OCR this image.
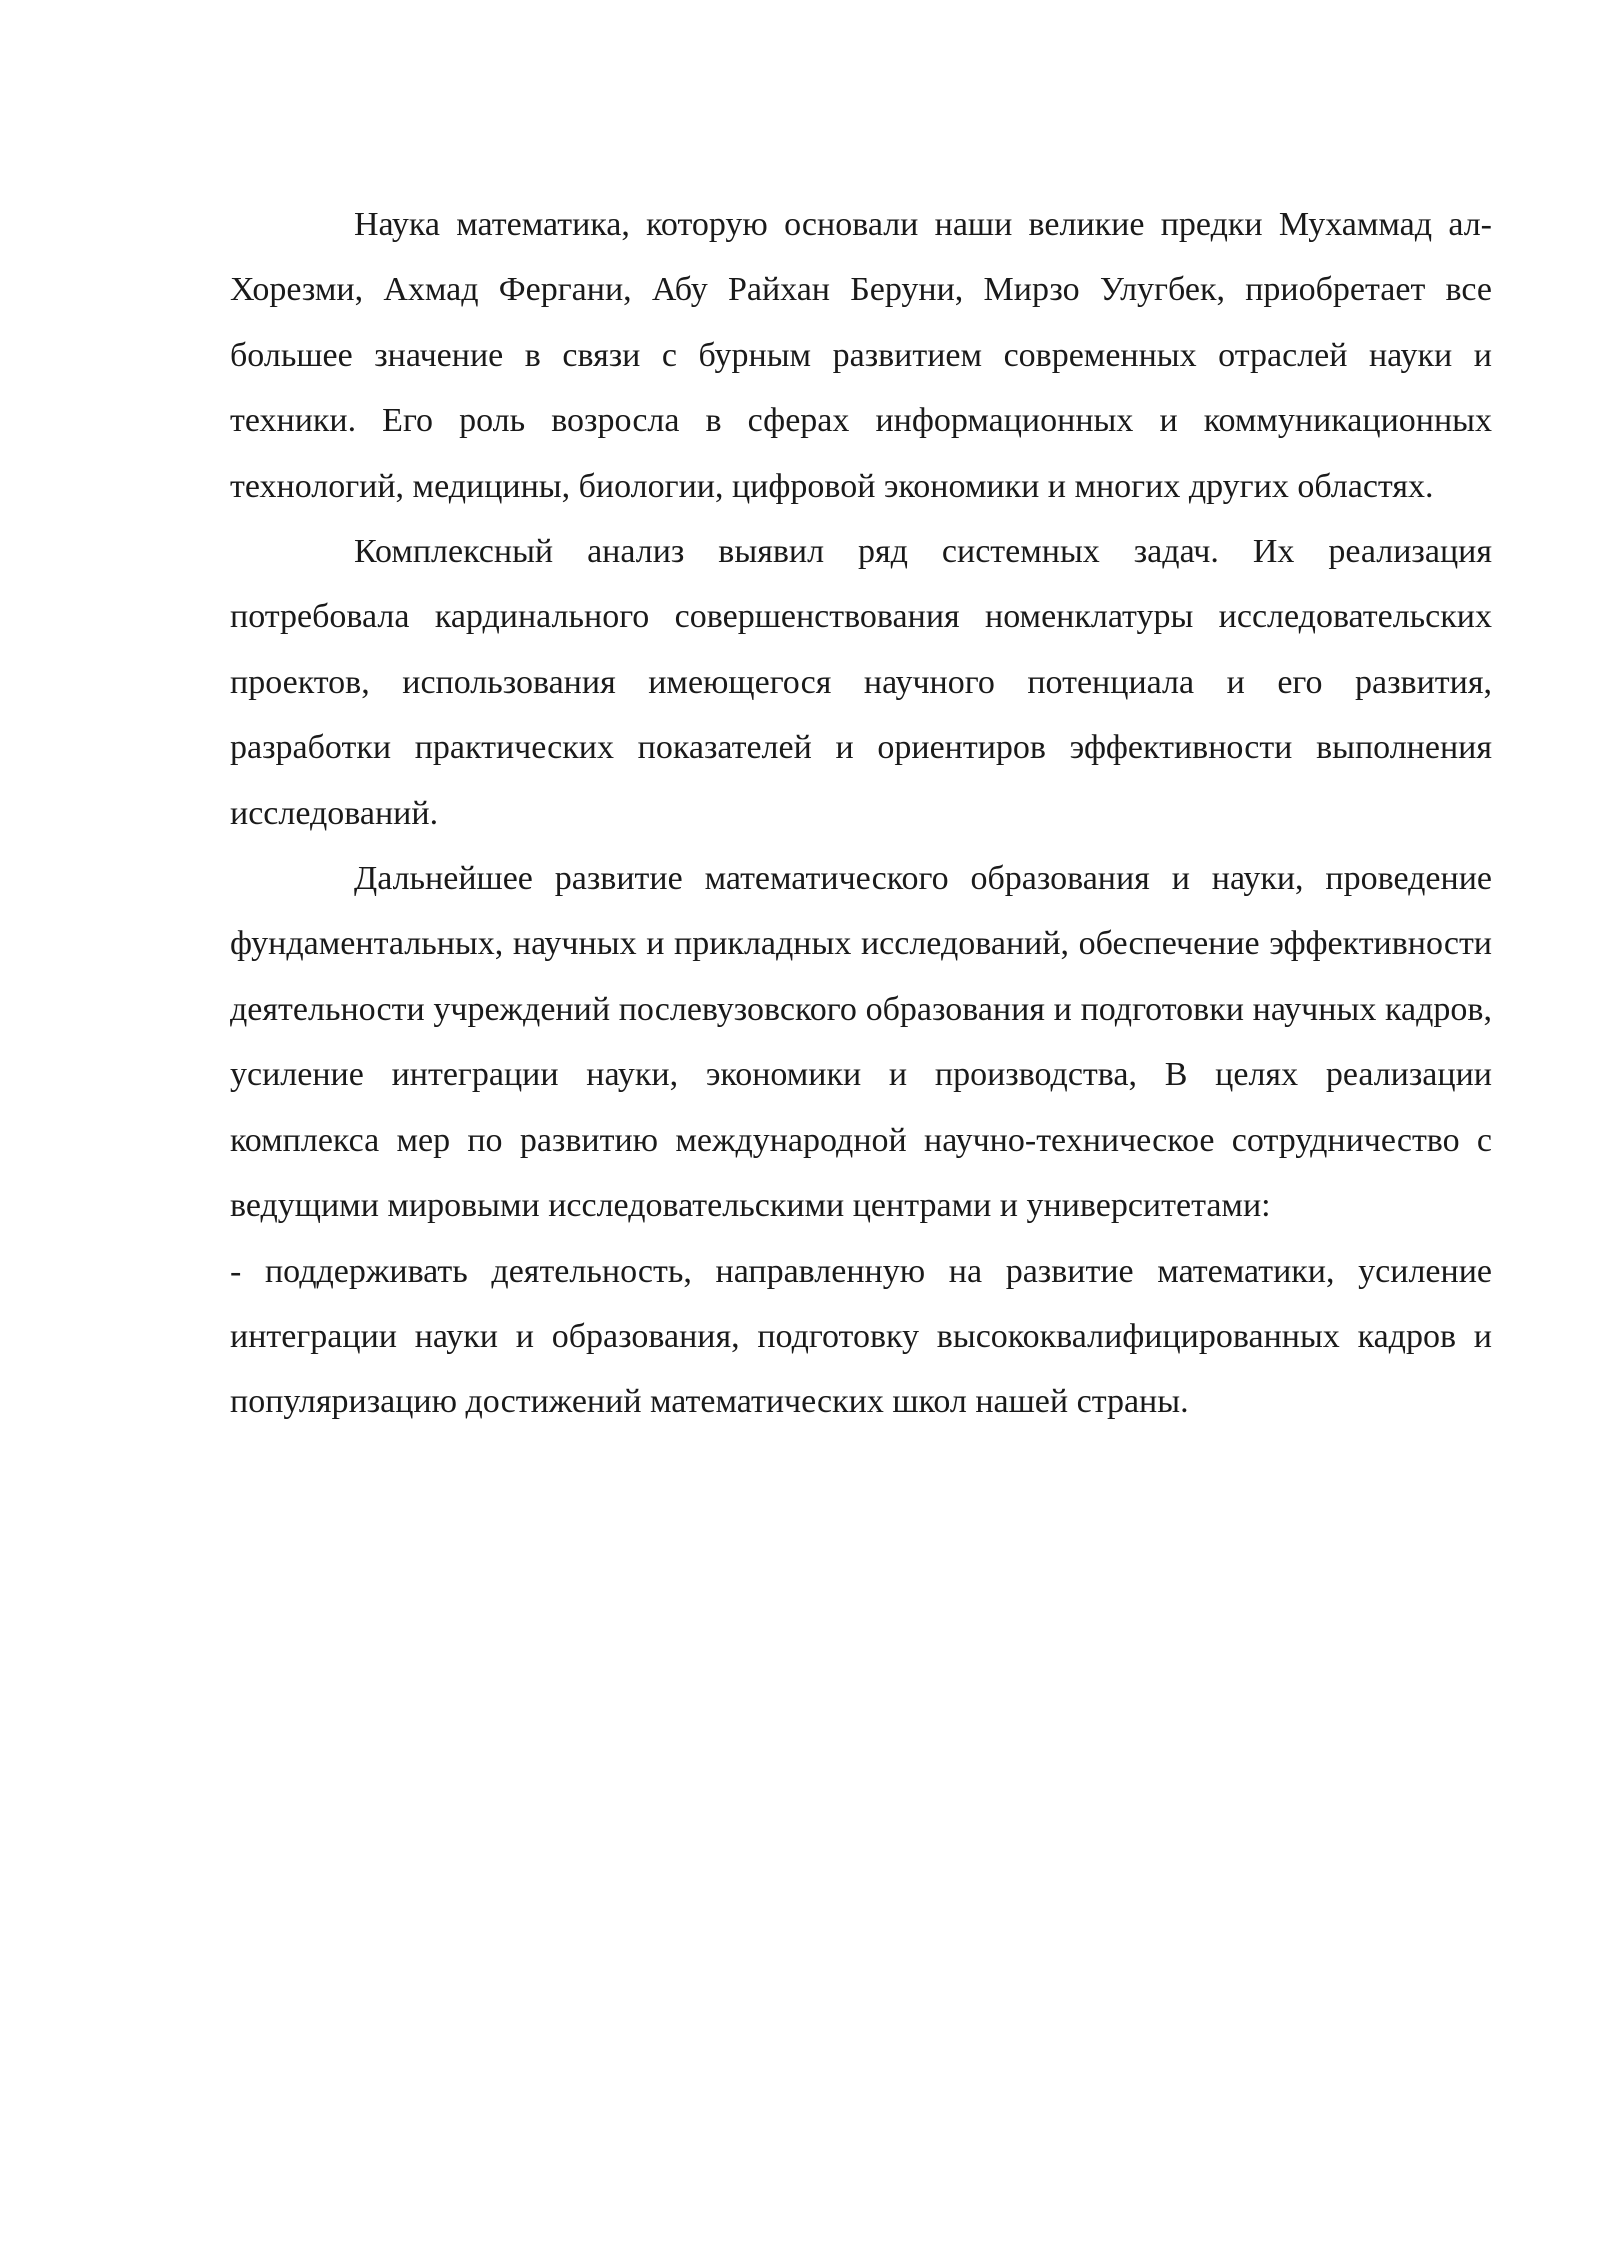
Наука математика, которую основали наши великие предки Мухаммад ал-Хорезми, Ахмад Фергани, Абу Райхан Беруни, Мирзо Улугбек, приобретает все большее значение в связи с бурным развитием современных отраслей науки и техники. Его роль возросла в сферах информационных и коммуникационных технологий, медицины, биологии, цифровой экономики и многих других областях.

Комплексный анализ выявил ряд системных задач. Их реализация потребовала кардинального совершенствования номенклатуры исследовательских проектов, использования имеющегося научного потенциала и его развития, разработки практических показателей и ориентиров эффективности выполнения исследований.

Дальнейшее развитие математического образования и науки, проведение фундаментальных, научных и прикладных исследований, обеспечение эффективности деятельности учреждений послевузовского образования и подготовки научных кадров, усиление интеграции науки, экономики и производства, В целях реализации комплекса мер по развитию международной научно-техническое сотрудничество с ведущими мировыми исследовательскими центрами и университетами:

- поддерживать деятельность, направленную на развитие математики, усиление интеграции науки и образования, подготовку высококвалифицированных кадров и популяризацию достижений математических школ нашей страны.
